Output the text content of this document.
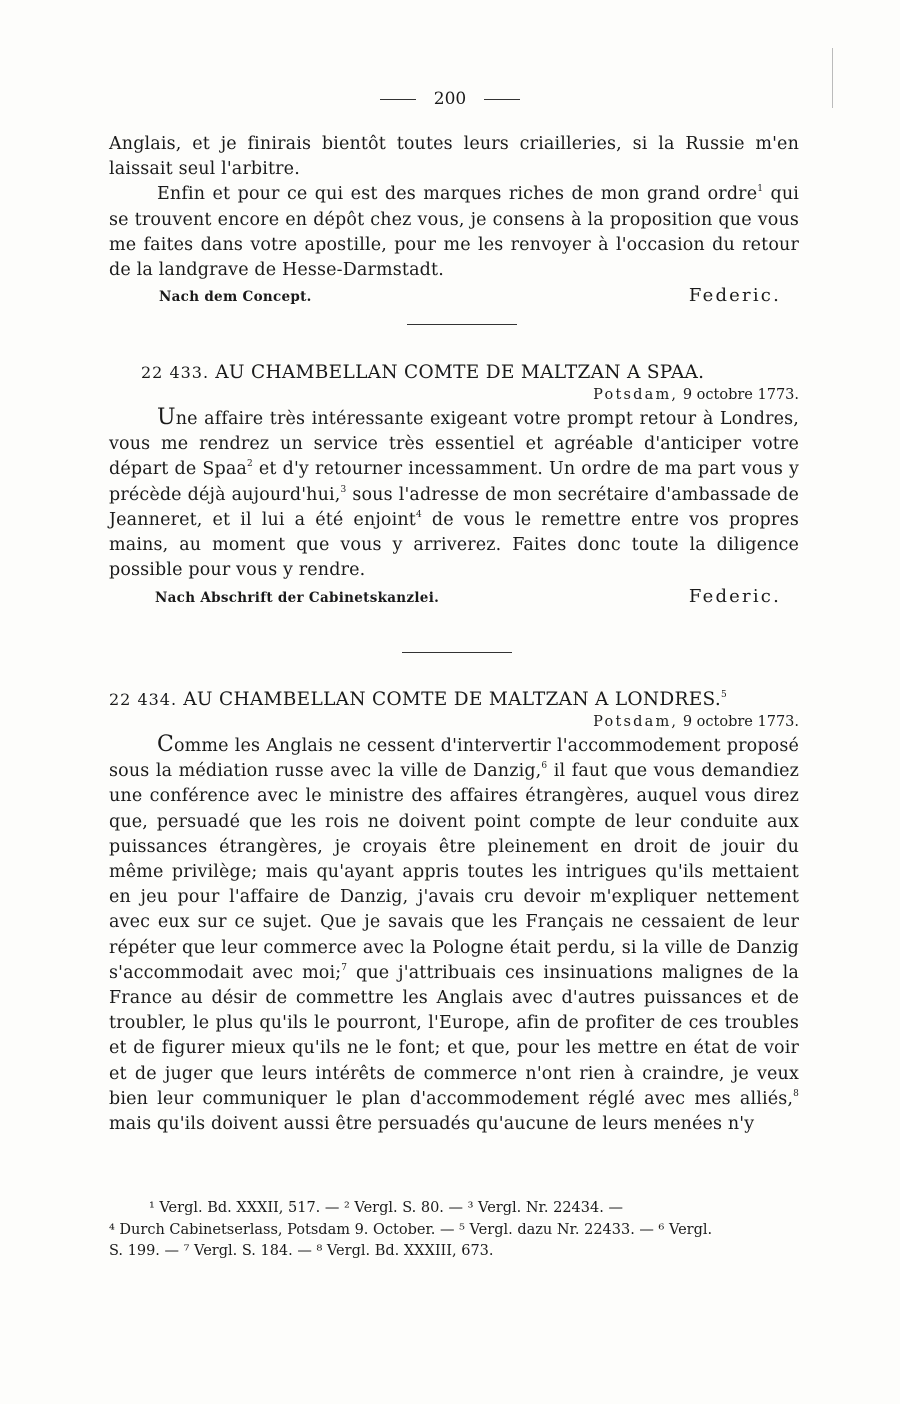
200

Anglais, et je finirais bientôt toutes leurs criailleries, si la Russie m'en laissait seul l'arbitre.

Enfin et pour ce qui est des marques riches de mon grand ordre$^1$ qui se trouvent encore en dépôt chez vous, je consens à la proposition que vous me faites dans votre apostille, pour me les renvoyer à l'occasion du retour de la landgrave de Hesse-Darmstadt.

Nach dem Concept.	Federic.
22 433. AU CHAMBELLAN COMTE DE MALTZAN A SPAA.
Potsdam, 9 octobre 1773.

Une affaire très intéressante exigeant votre prompt retour à Londres, vous me rendrez un service très essentiel et agréable d'anticiper votre départ de Spaa$^2$ et d'y retourner incessamment. Un ordre de ma part vous y précède déjà aujourd'hui,$^3$ sous l'adresse de mon secrétaire d'ambassade de Jeanneret, et il lui a été enjoint$^4$ de vous le remettre entre vos propres mains, au moment que vous y arriverez. Faites donc toute la diligence possible pour vous y rendre.

Nach Abschrift der Cabinetskanzlei.	Federic.
22 434. AU CHAMBELLAN COMTE DE MALTZAN A LONDRES.$^5$
Potsdam, 9 octobre 1773.

Comme les Anglais ne cessent d'intervertir l'accommodement proposé sous la médiation russe avec la ville de Danzig,$^6$ il faut que vous demandiez une conférence avec le ministre des affaires étrangères, auquel vous direz que, persuadé que les rois ne doivent point compte de leur conduite aux puissances étrangères, je croyais être pleinement en droit de jouir du même privilège; mais qu'ayant appris toutes les intrigues qu'ils mettaient en jeu pour l'affaire de Danzig, j'avais cru devoir m'expliquer nettement avec eux sur ce sujet. Que je savais que les Français ne cessaient de leur répéter que leur commerce avec la Pologne était perdu, si la ville de Danzig s'accommodait avec moi;$^7$ que j'attribuais ces insinuations malignes de la France au désir de commettre les Anglais avec d'autres puissances et de troubler, le plus qu'ils le pourront, l'Europe, afin de profiter de ces troubles et de figurer mieux qu'ils ne le font; et que, pour les mettre en état de voir et de juger que leurs intérêts de commerce n'ont rien à craindre, je veux bien leur communiquer le plan d'accommodement réglé avec mes alliés,$^8$ mais qu'ils doivent aussi être persuadés qu'aucune de leurs menées n'y

¹ Vergl. Bd. XXXII, 517. — ² Vergl. S. 80. — ³ Vergl. Nr. 22434. —
⁴ Durch Cabinetserlass, Potsdam 9. October. — ⁵ Vergl. dazu Nr. 22433. — ⁶ Vergl.
S. 199. — ⁷ Vergl. S. 184. — ⁸ Vergl. Bd. XXXIII, 673.
